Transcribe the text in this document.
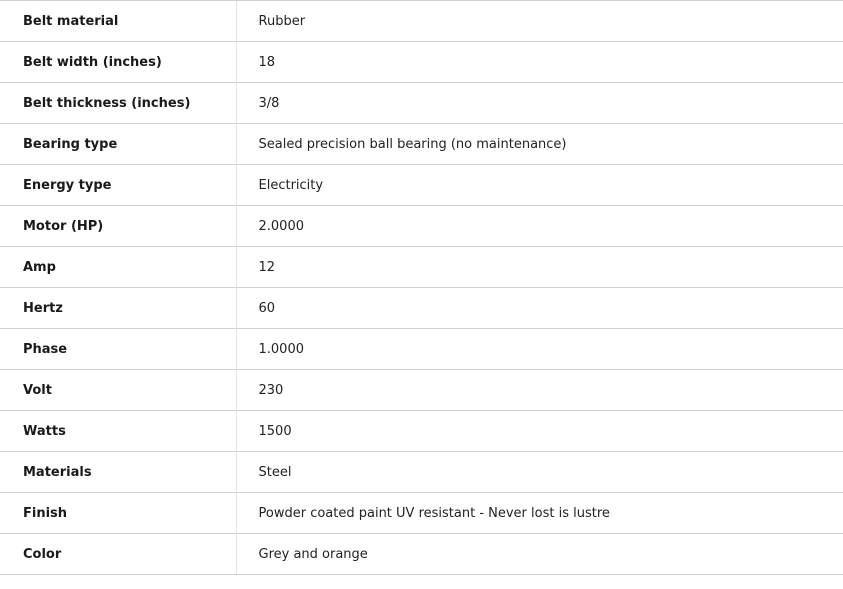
Belt material	Rubber
Belt width (inches)	18
Belt thickness (inches)	3/8
Bearing type	Sealed precision ball bearing (no maintenance)
Energy type	Electricity
Motor (HP)	2.0000
Amp	12
Hertz	60
Phase	1.0000
Volt	230
Watts	1500
Materials	Steel
Finish	Powder coated paint UV resistant - Never lost is lustre
Color	Grey and orange
